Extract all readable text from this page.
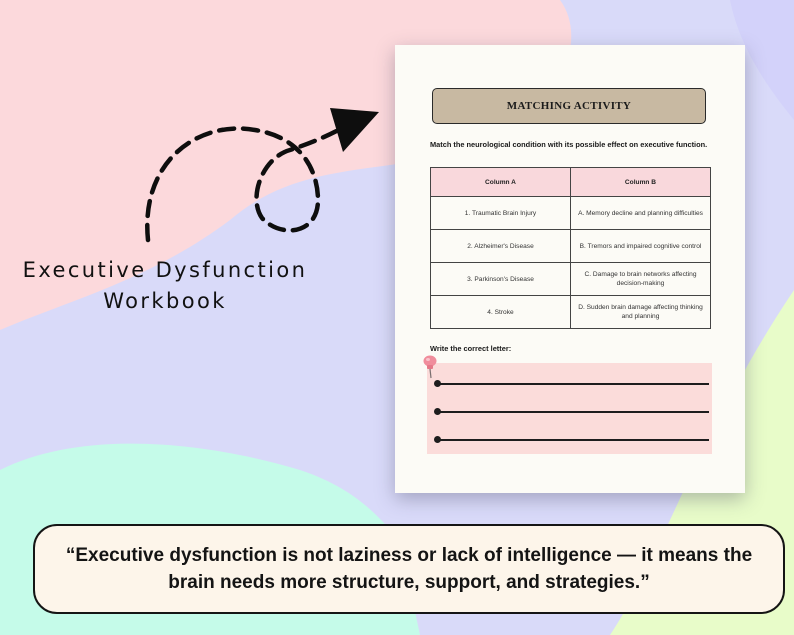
Executive Dysfunction
Workbook
MATCHING ACTIVITY
Match the neurological condition with its possible effect on executive function.
Column A	Column B
1. Traumatic Brain Injury	A. Memory decline and planning difficulties
2. Alzheimer's Disease	B. Tremors and impaired cognitive control
3. Parkinson's Disease	C. Damage to brain networks affecting decision-making
4. Stroke	D. Sudden brain damage affecting thinking and planning
Write the correct letter:
“Executive dysfunction is not laziness or lack of intelligence — it means the brain needs more structure, support, and strategies.”
